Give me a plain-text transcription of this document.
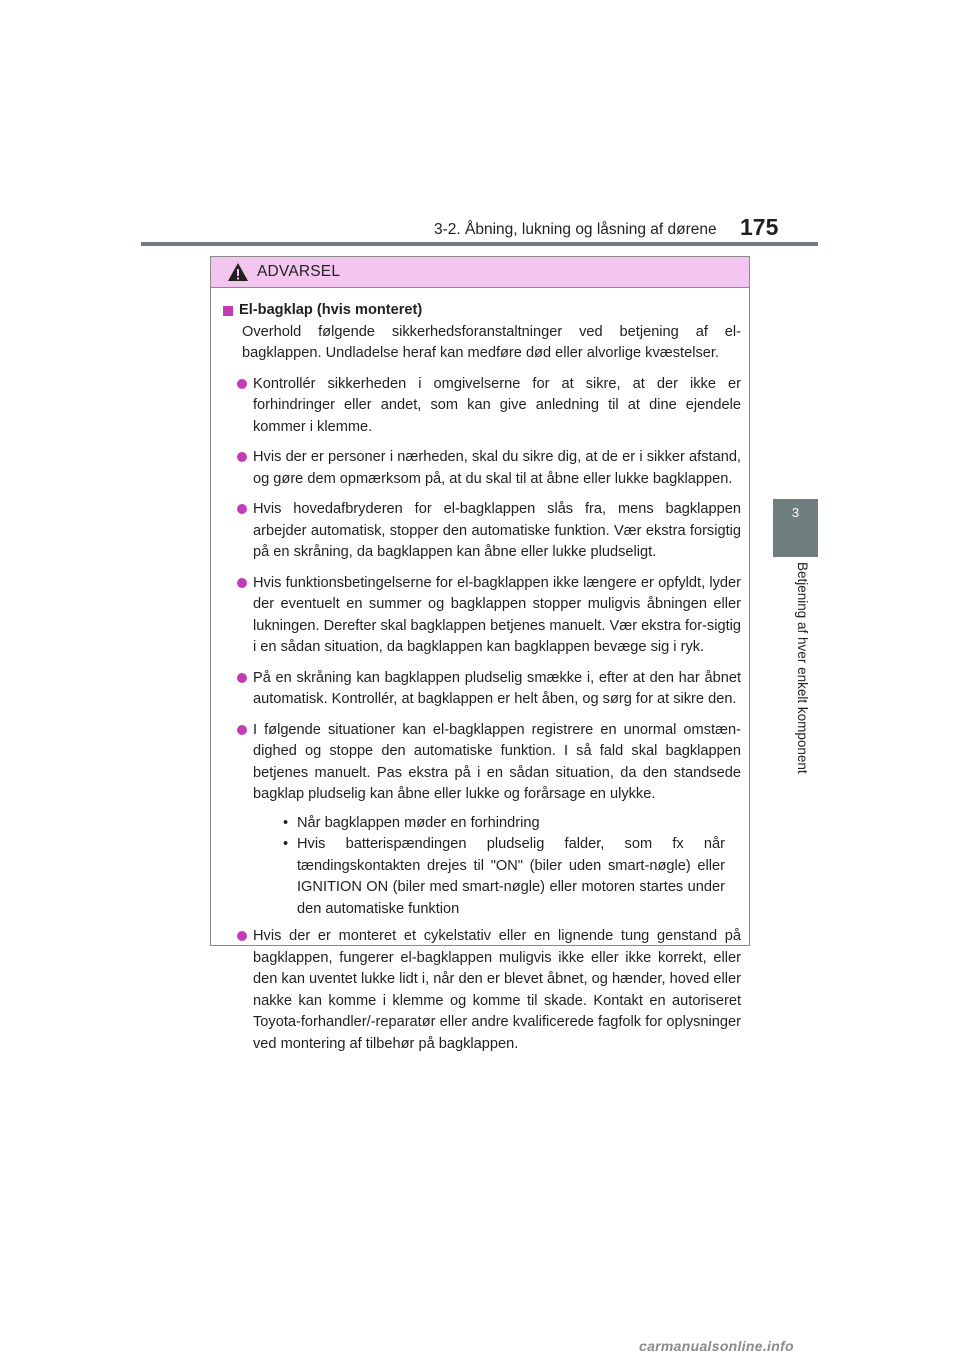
3-2. Åbning, lukning og låsning af dørene 175
3
Betjening af hver enkelt komponent
ADVARSEL
El-bagklap (hvis monteret)
Overhold følgende sikkerhedsforanstaltninger ved betjening af el-bagklappen. Undladelse heraf kan medføre død eller alvorlige kvæstelser.
Kontrollér sikkerheden i omgivelserne for at sikre, at der ikke er forhindringer eller andet, som kan give anledning til at dine ejendele kommer i klemme.
Hvis der er personer i nærheden, skal du sikre dig, at de er i sikker afstand, og gøre dem opmærksom på, at du skal til at åbne eller lukke bagklappen.
Hvis hovedafbryderen for el-bagklappen slås fra, mens bagklappen arbejder automatisk, stopper den automatiske funktion. Vær ekstra forsigtig på en skråning, da bagklappen kan åbne eller lukke pludseligt.
Hvis funktionsbetingelserne for el-bagklappen ikke længere er opfyldt, lyder der eventuelt en summer og bagklappen stopper muligvis åbningen eller lukningen. Derefter skal bagklappen betjenes manuelt. Vær ekstra for-sigtig i en sådan situation, da bagklappen kan bagklappen bevæge sig i ryk.
På en skråning kan bagklappen pludselig smække i, efter at den har åbnet automatisk. Kontrollér, at bagklappen er helt åben, og sørg for at sikre den.
I følgende situationer kan el-bagklappen registrere en unormal omstæn-dighed og stoppe den automatiske funktion. I så fald skal bagklappen betjenes manuelt. Pas ekstra på i en sådan situation, da den standsede bagklap pludselig kan åbne eller lukke og forårsage en ulykke.
• Når bagklappen møder en forhindring
• Hvis batterispændingen pludselig falder, som fx når tændingskontakten drejes til "ON" (biler uden smart-nøgle) eller IGNITION ON (biler med smart-nøgle) eller motoren startes under den automatiske funktion
Hvis der er monteret et cykelstativ eller en lignende tung genstand på bagklappen, fungerer el-bagklappen muligvis ikke eller ikke korrekt, eller den kan uventet lukke lidt i, når den er blevet åbnet, og hænder, hoved eller nakke kan komme i klemme og komme til skade. Kontakt en autoriseret Toyota-forhandler/-reparatør eller andre kvalificerede fagfolk for oplysninger ved montering af tilbehør på bagklappen.
carmanualsonline.info
